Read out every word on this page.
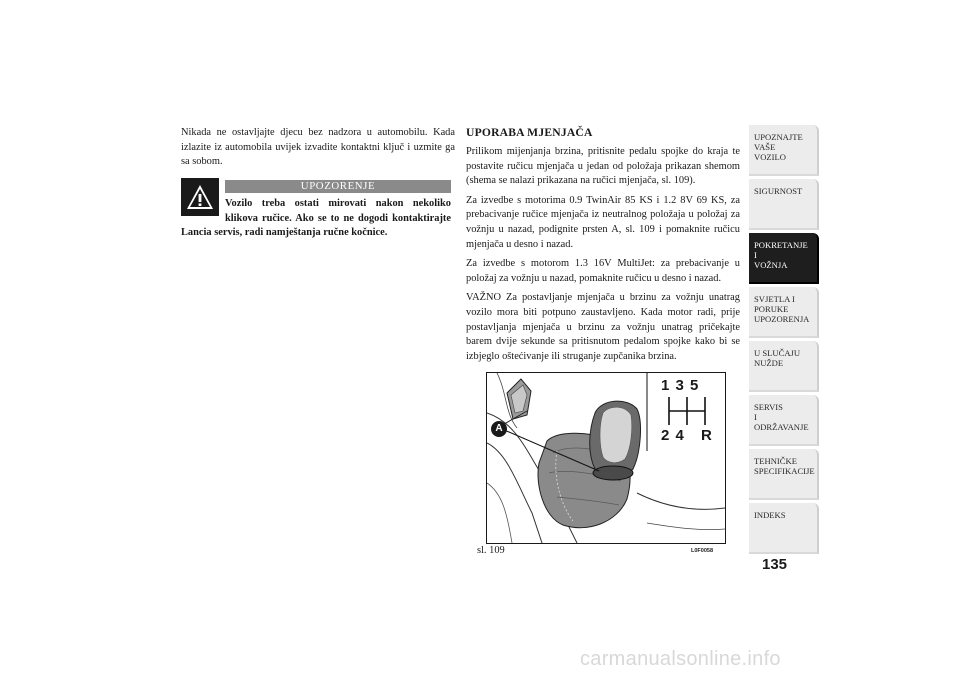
Nikada ne ostavljajte djecu bez nadzora u automobilu. Kada izlazite iz automobila uvijek izvadite kontaktni ključ i uzmite ga sa sobom.

UPOZORENJE
Vozilo treba ostati mirovati nakon nekoliko klikova ručice. Ako se to ne dogodi kontaktirajte
Lancia servis, radi namještanja ručne kočnice.
UPORABA MJENJAČA

Prilikom mijenjanja brzina, pritisnite pedalu spojke do kraja te postavite ručicu mjenjača u jedan od položaja prikazan shemom (shema se nalazi prikazana na ručici mjenjača, sl. 109).

Za izvedbe s motorima 0.9 TwinAir 85 KS i 1.2 8V 69 KS, za prebacivanje ručice mjenjača iz neutralnog položaja u položaj za vožnju u nazad, podignite prsten A, sl. 109 i pomaknite ručicu mjenjača u desno i nazad.

Za izvedbe s motorom 1.3 16V MultiJet: za prebacivanje u položaj za vožnju u nazad, pomaknite ručicu u desno i nazad.

VAŽNO Za postavljanje mjenjača u brzinu za vožnju unatrag vozilo mora biti potpuno zaustavljeno. Kada motor radi, prije postavljanja mjenjača u brzinu za vožnju unatrag pričekajte barem dvije sekunde sa pritisnutom pedalom spojke kako bi se izbjeglo oštećivanje ili struganje zupčanika brzina.

1 3 5
2 4 R
A
sl. 109	L0F0058
UPOZNAJTE
VAŠE
VOZILO
SIGURNOST
POKRETANJE
I
VOŽNJA
SVJETLA I
PORUKE
UPOZORENJA
U SLUČAJU
NUŽDE
SERVIS
I
ODRŽAVANJE
TEHNIČKE
SPECIFIKACIJE
INDEKS
135
carmanualsonline.info
